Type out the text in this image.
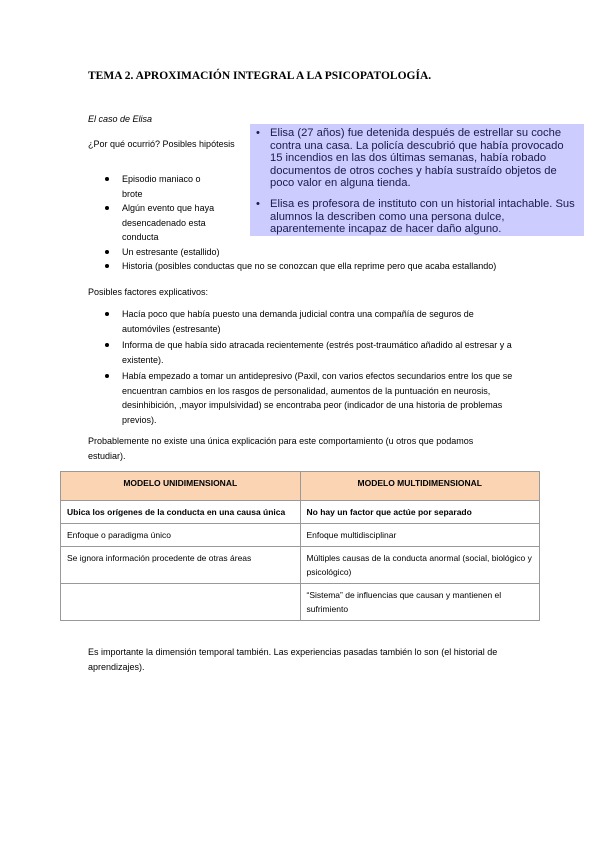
TEMA 2. APROXIMACIÓN INTEGRAL A LA PSICOPATOLOGÍA.
El caso de Elisa
¿Por qué ocurrió? Posibles hipótesis
Episodio maniaco o brote
Algún evento que haya desencadenado esta conducta
Un estresante (estallido)
Historia (posibles conductas que no se conozcan que ella reprime pero que acaba estallando)
• Elisa (27 años) fue detenida después de estrellar su coche contra una casa. La policía descubrió que había provocado 15 incendios en las dos últimas semanas, había robado documentos de otros coches y había sustraído objetos de poco valor en alguna tienda.
• Elisa es profesora de instituto con un historial intachable. Sus alumnos la describen como una persona dulce, aparentemente incapaz de hacer daño alguno.
Posibles factores explicativos:
Hacía poco que había puesto una demanda judicial contra una compañía de seguros de automóviles (estresante)
Informa de que había sido atracada recientemente (estrés post-traumático añadido al estresar y a existente).
Había empezado a tomar un antidepresivo (Paxil, con varios efectos secundarios entre los que se encuentran cambios en los rasgos de personalidad, aumentos de la puntuación en neurosis, desinhibición, ,mayor impulsividad) se encontraba peor (indicador de una historia de problemas previos).
Probablemente no existe una única explicación para este comportamiento (u otros que podamos estudiar).
MODELO UNIDIMENSIONAL	MODELO MULTIDIMENSIONAL
Ubica los orígenes de la conducta en una causa única	No hay un factor que actúe por separado
Enfoque o paradigma único	Enfoque multidisciplinar
Se ignora información procedente de otras áreas	Múltiples causas de la conducta anormal (social, biológico y psicológico)
	“Sistema” de influencias que causan y mantienen el sufrimiento
Es importante la dimensión temporal también. Las experiencias pasadas también lo son (el historial de aprendizajes).
